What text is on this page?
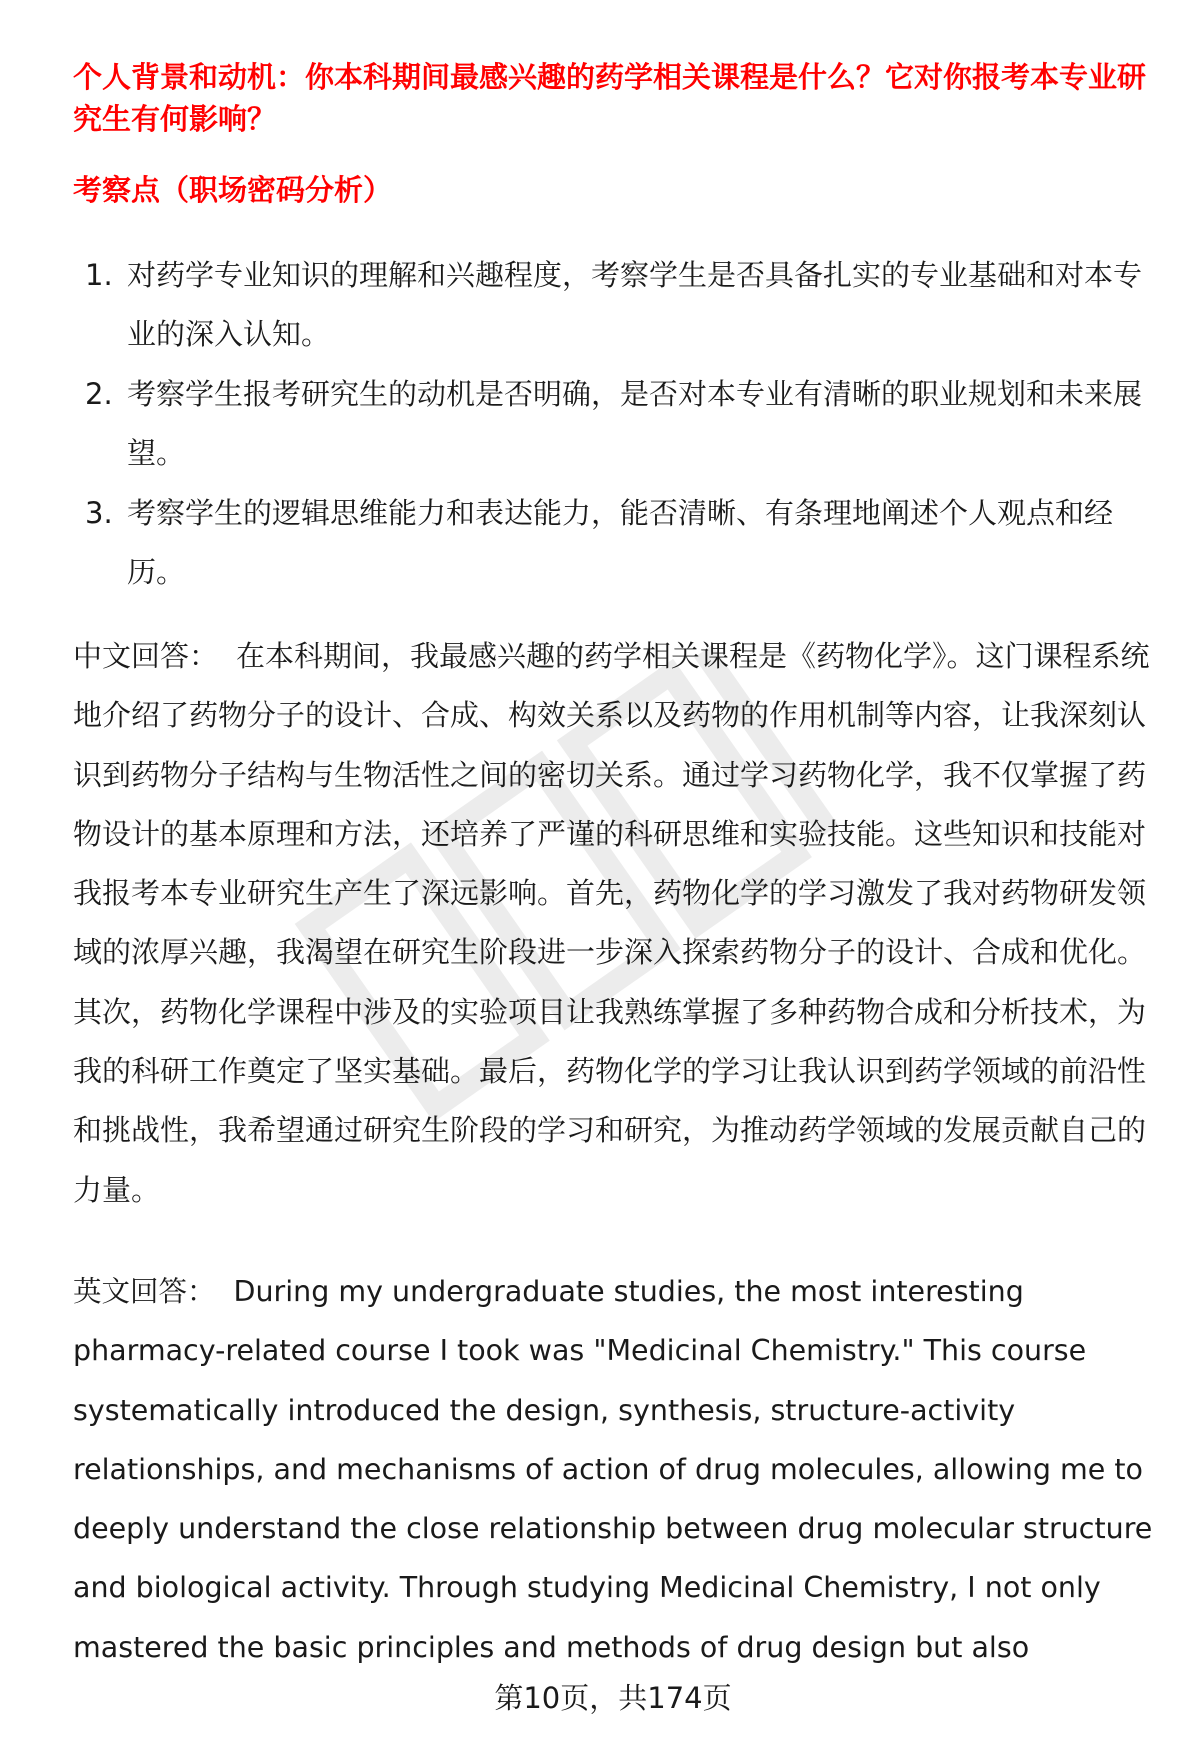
个人背景和动机：你本科期间最感兴趣的药学相关课程是什么？它对你报考本专业研究生有何影响？

考察点（职场密码分析）

1. 对药学专业知识的理解和兴趣程度，考察学生是否具备扎实的专业基础和对本专业的深入认知。
2. 考察学生报考研究生的动机是否明确，是否对本专业有清晰的职业规划和未来展望。
3. 考察学生的逻辑思维能力和表达能力，能否清晰、有条理地阐述个人观点和经历。

中文回答： 在本科期间，我最感兴趣的药学相关课程是《药物化学》。这门课程系统地介绍了药物分子的设计、合成、构效关系以及药物的作用机制等内容，让我深刻认识到药物分子结构与生物活性之间的密切关系。通过学习药物化学，我不仅掌握了药物设计的基本原理和方法，还培养了严谨的科研思维和实验技能。这些知识和技能对我报考本专业研究生产生了深远影响。首先，药物化学的学习激发了我对药物研发领域的浓厚兴趣，我渴望在研究生阶段进一步深入探索药物分子的设计、合成和优化。其次，药物化学课程中涉及的实验项目让我熟练掌握了多种药物合成和分析技术，为我的科研工作奠定了坚实基础。最后，药物化学的学习让我认识到药学领域的前沿性和挑战性，我希望通过研究生阶段的学习和研究，为推动药学领域的发展贡献自己的力量。

英文回答： During my undergraduate studies, the most interesting pharmacy-related course I took was "Medicinal Chemistry." This course systematically introduced the design, synthesis, structure-activity relationships, and mechanisms of action of drug molecules, allowing me to deeply understand the close relationship between drug molecular structure and biological activity. Through studying Medicinal Chemistry, I not only mastered the basic principles and methods of drug design but also

第10页，共174页
